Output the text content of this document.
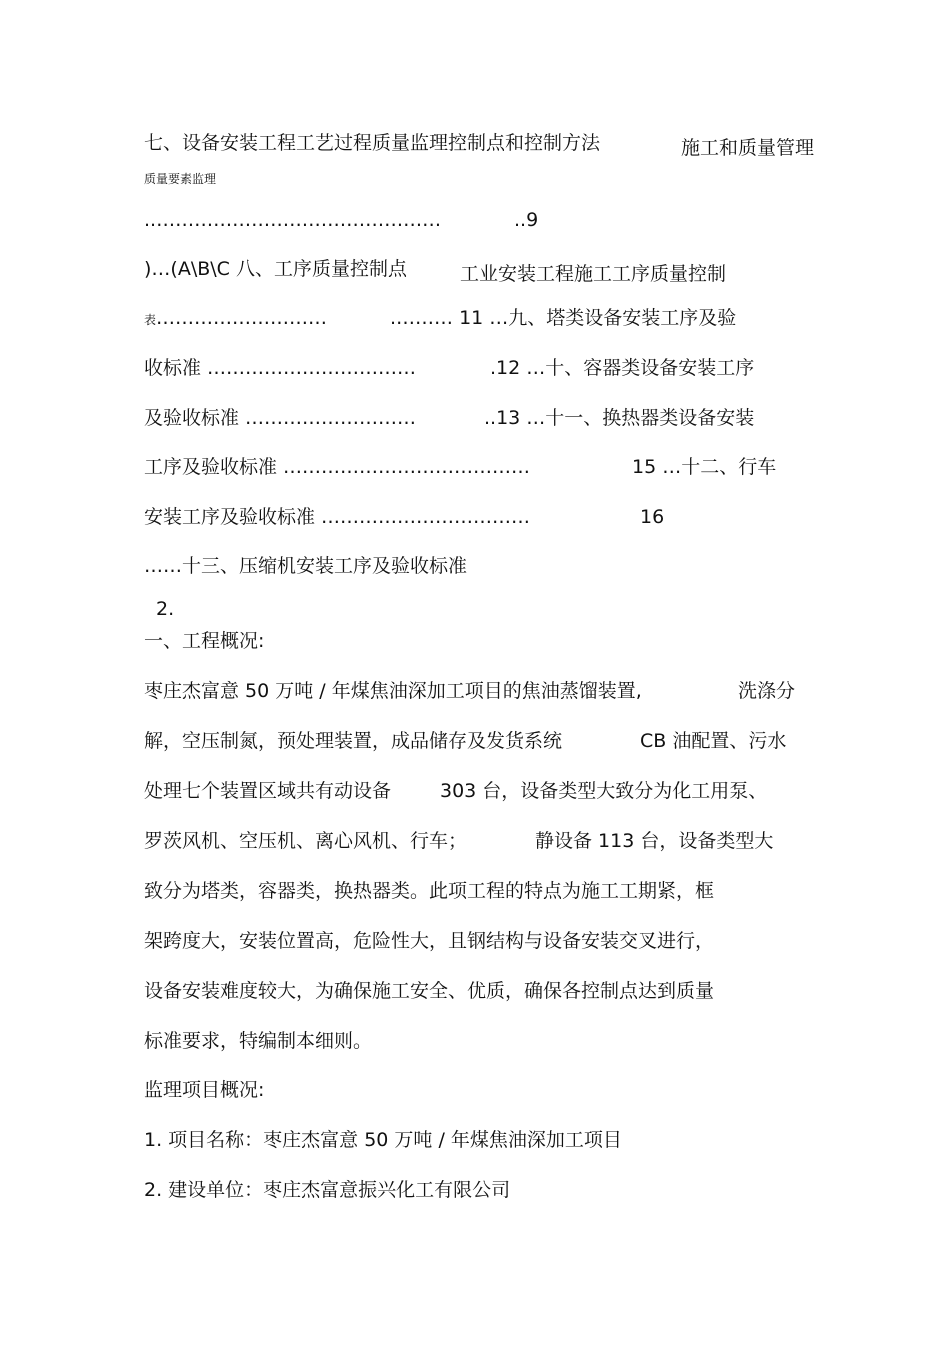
七、设备安装工程工艺过程质量监理控制点和控制方法	施工和质量管理
质量要素监理
..………………………………………	..9
)…(A\B\C 八、工序质量控制点	工业安装工程施工工序质量控制
表………………………	.……… 11 …九、塔类设备安装工序及验
收标准 ……………………………	.12 …十、容器类设备安装工序
及验收标准 ………………………	..13 …十一、换热器类设备安装
工序及验收标准 …………………………………	15 …十二、行车
安装工序及验收标准 ……………………………	16
……十三、压缩机安装工序及验收标准
2.
一、工程概况:
枣庄杰富意 50 万吨 / 年煤焦油深加工项目的焦油蒸馏装置,	洗涤分
解，空压制氮，预处理装置，成品储存及发货系统	CB 油配置、污水
处理七个装置区域共有动设备	303 台，设备类型大致分为化工用泵、
罗茨风机、空压机、离心风机、行车；	静设备 113 台，设备类型大
致分为塔类，容器类，换热器类。此项工程的特点为施工工期紧，框
架跨度大，安装位置高，危险性大，且钢结构与设备安装交叉进行，
设备安装难度较大，为确保施工安全、优质，确保各控制点达到质量
标准要求，特编制本细则。
监理项目概况:
1. 项目名称：枣庄杰富意 50 万吨 / 年煤焦油深加工项目
2. 建设单位：枣庄杰富意振兴化工有限公司
